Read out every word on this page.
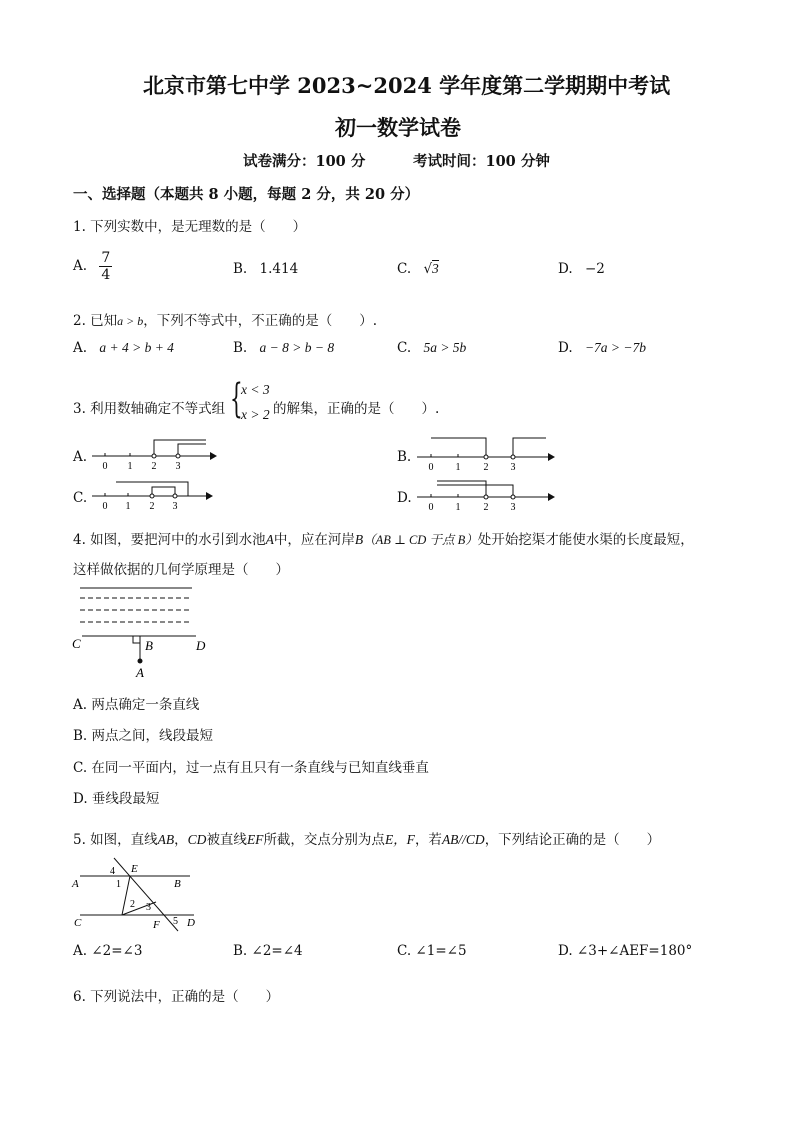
北京市第七中学 2023~2024 学年度第二学期期中考试
初一数学试卷
试卷满分：100 分	考试时间：100 分钟
一、选择题（本题共 8 小题，每题 2 分，共 20 分）
1. 下列实数中，是无理数的是（　　）
A. $\frac{7}{4}$	B. 1.414	C. √3	D. −2
2. 已知a > b，下列不等式中，不正确的是（　　）.
A. a + 4 > b + 4	B. a − 8 > b − 8	C. 5a > 5b	D. −7a > −7b
3. 利用数轴确定不等式组 {
x < 3
x > 2 的解集，正确的是（　　）.
A.
0 1 2 3
B.
0 1 2 3
C.
0 1 2 3
D.
0 1 2 3
4. 如图，要把河中的水引到水池A中，应在河岸B（AB ⊥ CD 于点 B）处开始挖渠才能使水渠的长度最短，
这样做依据的几何学原理是（　　）
C	B	D
A
A. 两点确定一条直线
B. 两点之间，线段最短
C. 在同一平面内，过一点有且只有一条直线与已知直线垂直
D. 垂线段最短
5. 如图，直线AB，CD被直线EF所截，交点分别为点E，F，若AB//CD，下列结论正确的是（　　）
A	B
C	D
E
F
4
1
2 3
5
A. ∠2=∠3	B. ∠2=∠4	C. ∠1=∠5	D. ∠3+∠AEF=180°
6. 下列说法中，正确的是（　　）
